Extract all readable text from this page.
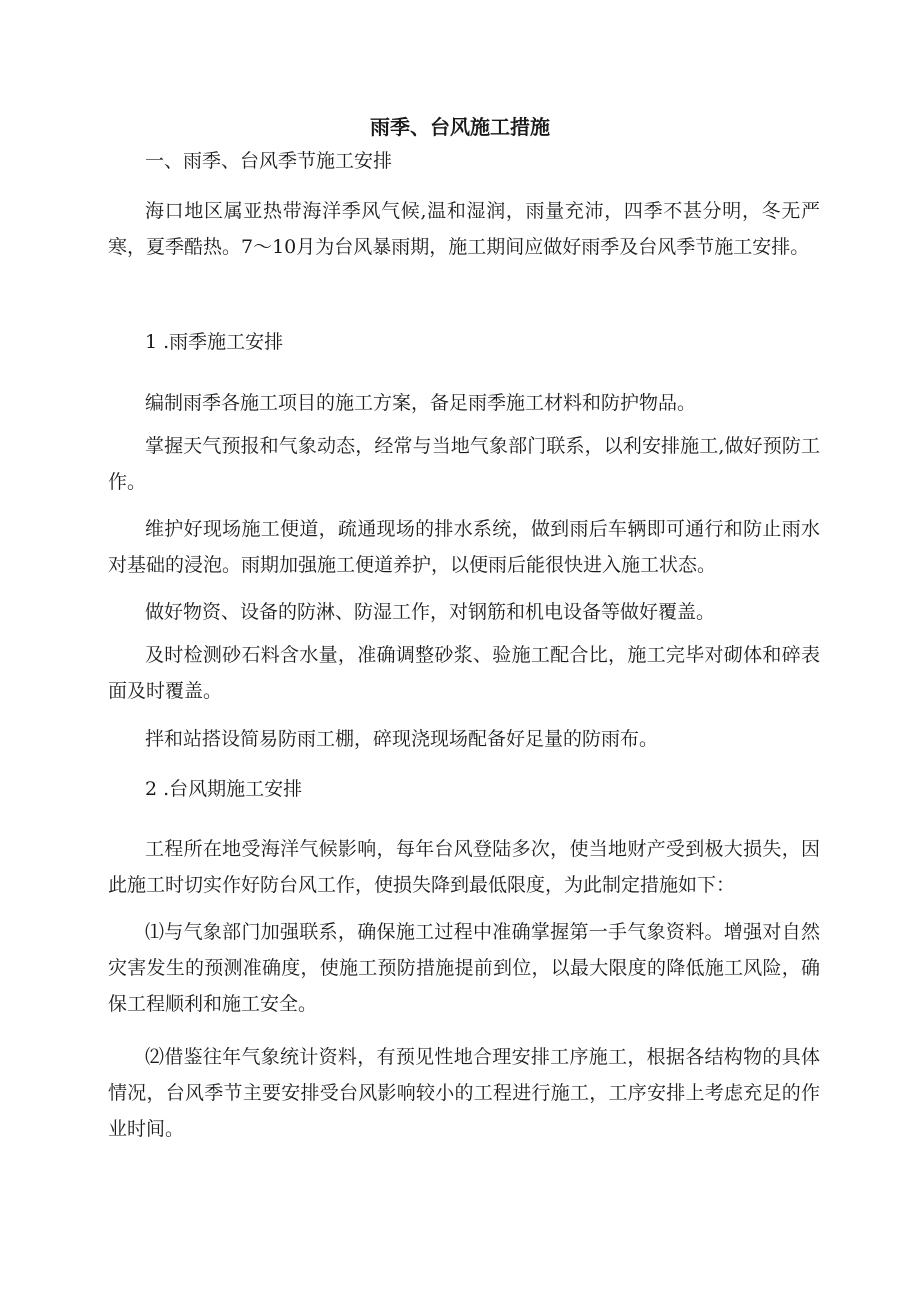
雨季、台风施工措施

一、雨季、台风季节施工安排

海口地区属亚热带海洋季风气候,温和湿润，雨量充沛，四季不甚分明，冬无严寒，夏季酷热。7～10月为台风暴雨期，施工期间应做好雨季及台风季节施工安排。

1 .雨季施工安排

编制雨季各施工项目的施工方案，备足雨季施工材料和防护物品。

掌握天气预报和气象动态，经常与当地气象部门联系，以利安排施工,做好预防工作。

维护好现场施工便道，疏通现场的排水系统，做到雨后车辆即可通行和防止雨水对基础的浸泡。雨期加强施工便道养护，以便雨后能很快进入施工状态。

做好物资、设备的防淋、防湿工作，对钢筋和机电设备等做好覆盖。

及时检测砂石料含水量，准确调整砂浆、验施工配合比，施工完毕对砌体和碎表面及时覆盖。

拌和站搭设简易防雨工棚，碎现浇现场配备好足量的防雨布。

2 .台风期施工安排

工程所在地受海洋气候影响，每年台风登陆多次，使当地财产受到极大损失，因此施工时切实作好防台风工作，使损失降到最低限度，为此制定措施如下：

⑴与气象部门加强联系，确保施工过程中准确掌握第一手气象资料。增强对自然灾害发生的预测准确度，使施工预防措施提前到位，以最大限度的降低施工风险，确保工程顺利和施工安全。

⑵借鉴往年气象统计资料，有预见性地合理安排工序施工，根据各结构物的具体情况，台风季节主要安排受台风影响较小的工程进行施工，工序安排上考虑充足的作业时间。
